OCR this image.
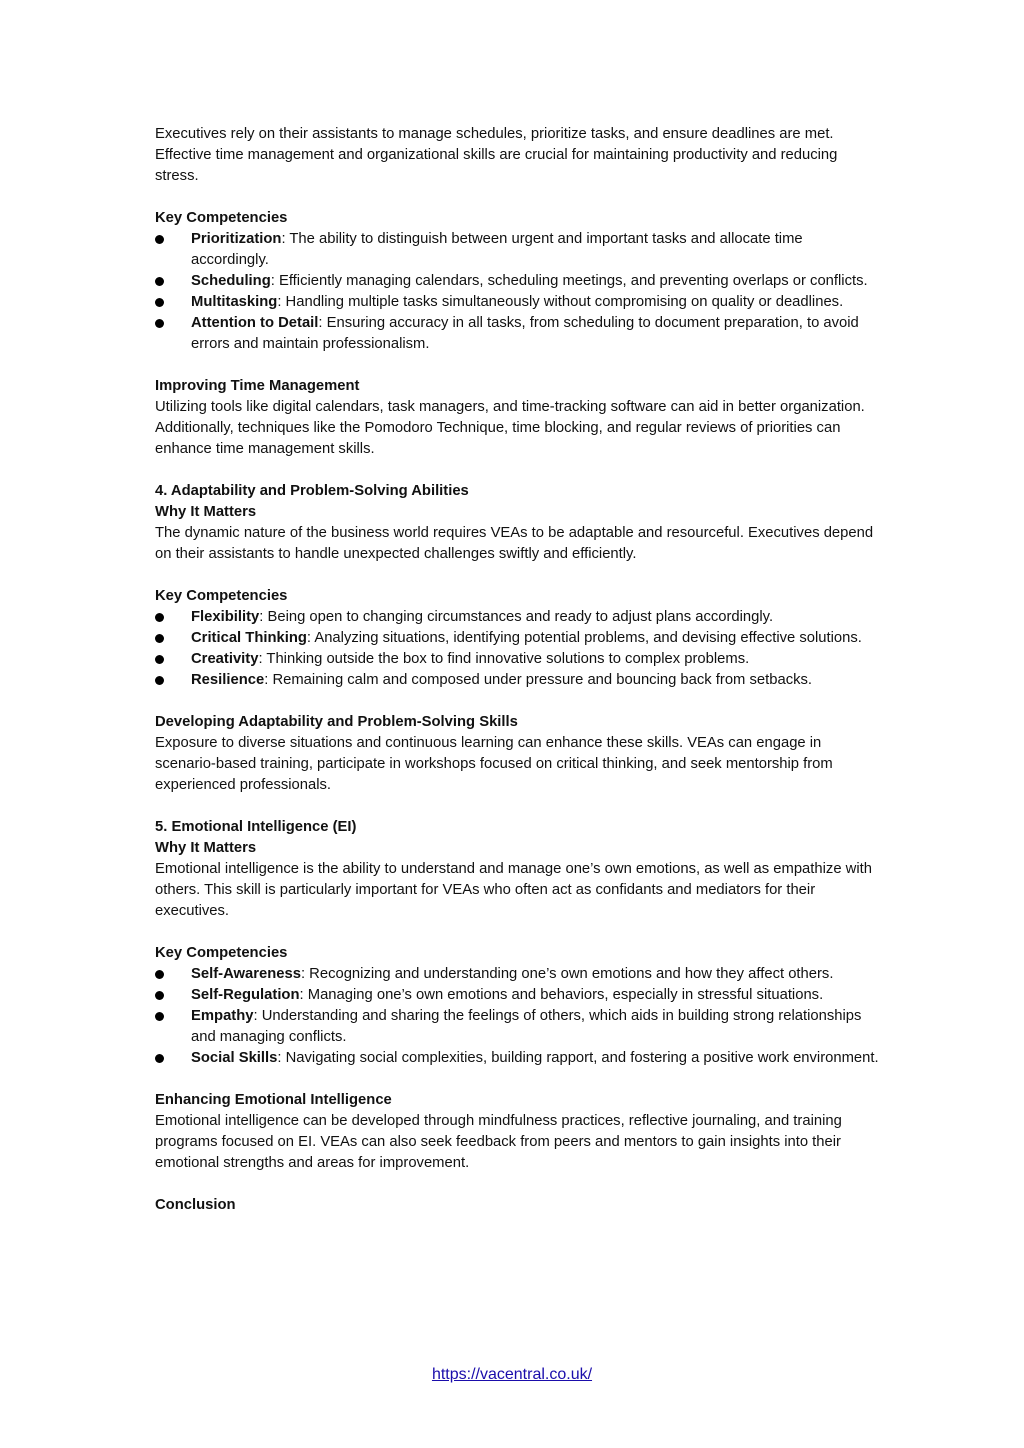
Executives rely on their assistants to manage schedules, prioritize tasks, and ensure deadlines are met. Effective time management and organizational skills are crucial for maintaining productivity and reducing stress.

Key Competencies

Prioritization: The ability to distinguish between urgent and important tasks and allocate time accordingly.
Scheduling: Efficiently managing calendars, scheduling meetings, and preventing overlaps or conflicts.
Multitasking: Handling multiple tasks simultaneously without compromising on quality or deadlines.
Attention to Detail: Ensuring accuracy in all tasks, from scheduling to document preparation, to avoid errors and maintain professionalism.

Improving Time Management

Utilizing tools like digital calendars, task managers, and time-tracking software can aid in better organization. Additionally, techniques like the Pomodoro Technique, time blocking, and regular reviews of priorities can enhance time management skills.

4. Adaptability and Problem-Solving Abilities

Why It Matters

The dynamic nature of the business world requires VEAs to be adaptable and resourceful. Executives depend on their assistants to handle unexpected challenges swiftly and efficiently.

Key Competencies

Flexibility: Being open to changing circumstances and ready to adjust plans accordingly.
Critical Thinking: Analyzing situations, identifying potential problems, and devising effective solutions.
Creativity: Thinking outside the box to find innovative solutions to complex problems.
Resilience: Remaining calm and composed under pressure and bouncing back from setbacks.

Developing Adaptability and Problem-Solving Skills

Exposure to diverse situations and continuous learning can enhance these skills. VEAs can engage in scenario-based training, participate in workshops focused on critical thinking, and seek mentorship from experienced professionals.

5. Emotional Intelligence (EI)

Why It Matters

Emotional intelligence is the ability to understand and manage one’s own emotions, as well as empathize with others. This skill is particularly important for VEAs who often act as confidants and mediators for their executives.

Key Competencies

Self-Awareness: Recognizing and understanding one’s own emotions and how they affect others.
Self-Regulation: Managing one’s own emotions and behaviors, especially in stressful situations.
Empathy: Understanding and sharing the feelings of others, which aids in building strong relationships and managing conflicts.
Social Skills: Navigating social complexities, building rapport, and fostering a positive work environment.

Enhancing Emotional Intelligence

Emotional intelligence can be developed through mindfulness practices, reflective journaling, and training programs focused on EI. VEAs can also seek feedback from peers and mentors to gain insights into their emotional strengths and areas for improvement.

Conclusion

https://vacentral.co.uk/
